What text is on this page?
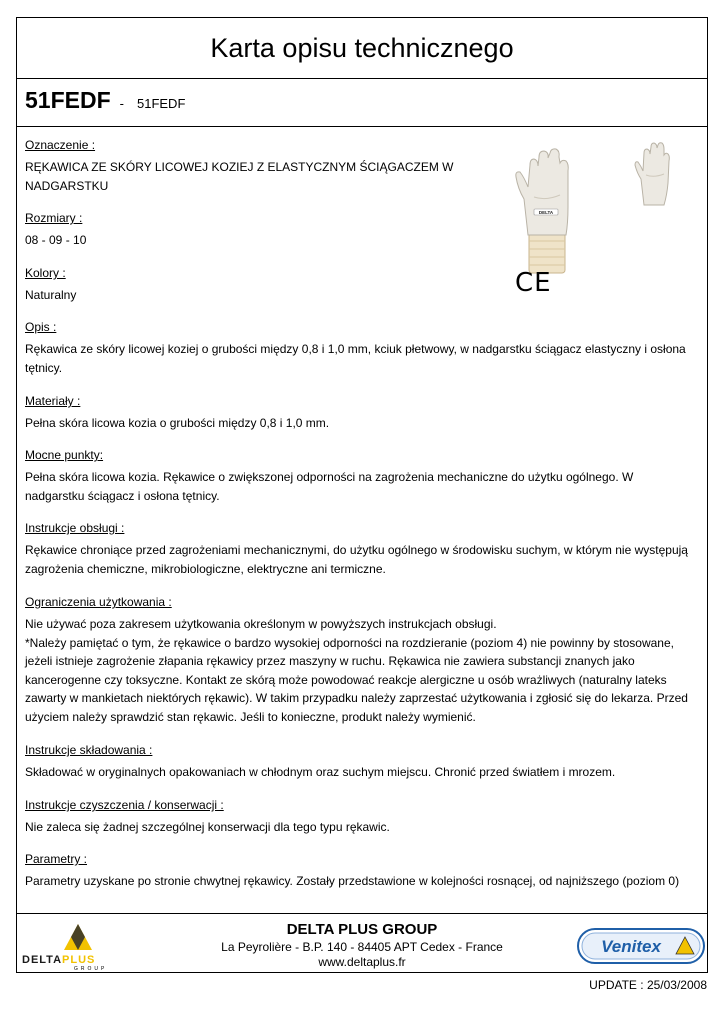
Karta opisu technicznego
51FEDF - 51FEDF
Oznaczenie :
RĘKAWICA ZE SKÓRY LICOWEJ KOZIEJ Z ELASTYCZNYM ŚCIĄGACZEM W
NADGARSTKU
Rozmiary :
08 - 09 - 10
Kolory :
Naturalny
Opis :
Rękawica ze skóry licowej koziej o grubości między 0,8 i 1,0 mm, kciuk płetwowy, w nadgarstku ściągacz elastyczny i osłona
tętnicy.
Materiały :
Pełna skóra licowa kozia o grubości między 0,8 i 1,0 mm.
Mocne punkty:
Pełna skóra licowa kozia. Rękawice o zwiększonej odporności na zagrożenia mechaniczne do użytku ogólnego. W
nadgarstku ściągacz i osłona tętnicy.
Instrukcje obsługi :
Rękawice chroniące przed zagrożeniami mechanicznymi, do użytku ogólnego w środowisku suchym, w którym nie występują
zagrożenia chemiczne, mikrobiologiczne, elektryczne ani termiczne.
Ograniczenia użytkowania :
Nie używać poza zakresem użytkowania określonym w powyższych instrukcjach obsługi.
*Należy pamiętać o tym, że rękawice o bardzo wysokiej odporności na rozdzieranie (poziom 4) nie powinny by stosowane,
jeżeli istnieje zagrożenie złapania rękawicy przez maszyny w ruchu. Rękawica nie zawiera substancji znanych jako
kancerogenne czy toksyczne. Kontakt ze skórą może powodować reakcje alergiczne u osób wrażliwych (naturalny lateks
zawarty w mankietach niektórych rękawic). W takim przypadku należy zaprzestać użytkowania i zgłosić się do lekarza. Przed
użyciem należy sprawdzić stan rękawic. Jeśli to konieczne, produkt należy wymienić.
Instrukcje składowania :
Składować w oryginalnych opakowaniach w chłodnym oraz suchym miejscu. Chronić przed światłem i mrozem.
Instrukcje czyszczenia / konserwacji :
Nie zaleca się żadnej szczególnej konserwacji dla tego typu rękawic.
Parametry :
Parametry uzyskane po stronie chwytnej rękawicy. Zostały przedstawione w kolejności rosnącej, od najniższego (poziom 0)
DELTA
CE
DELTAPLUS
GROUP
DELTA PLUS GROUP
La Peyrolière - B.P. 140 - 84405 APT Cedex - France
www.deltaplus.fr
Venitex
UPDATE : 25/03/2008
